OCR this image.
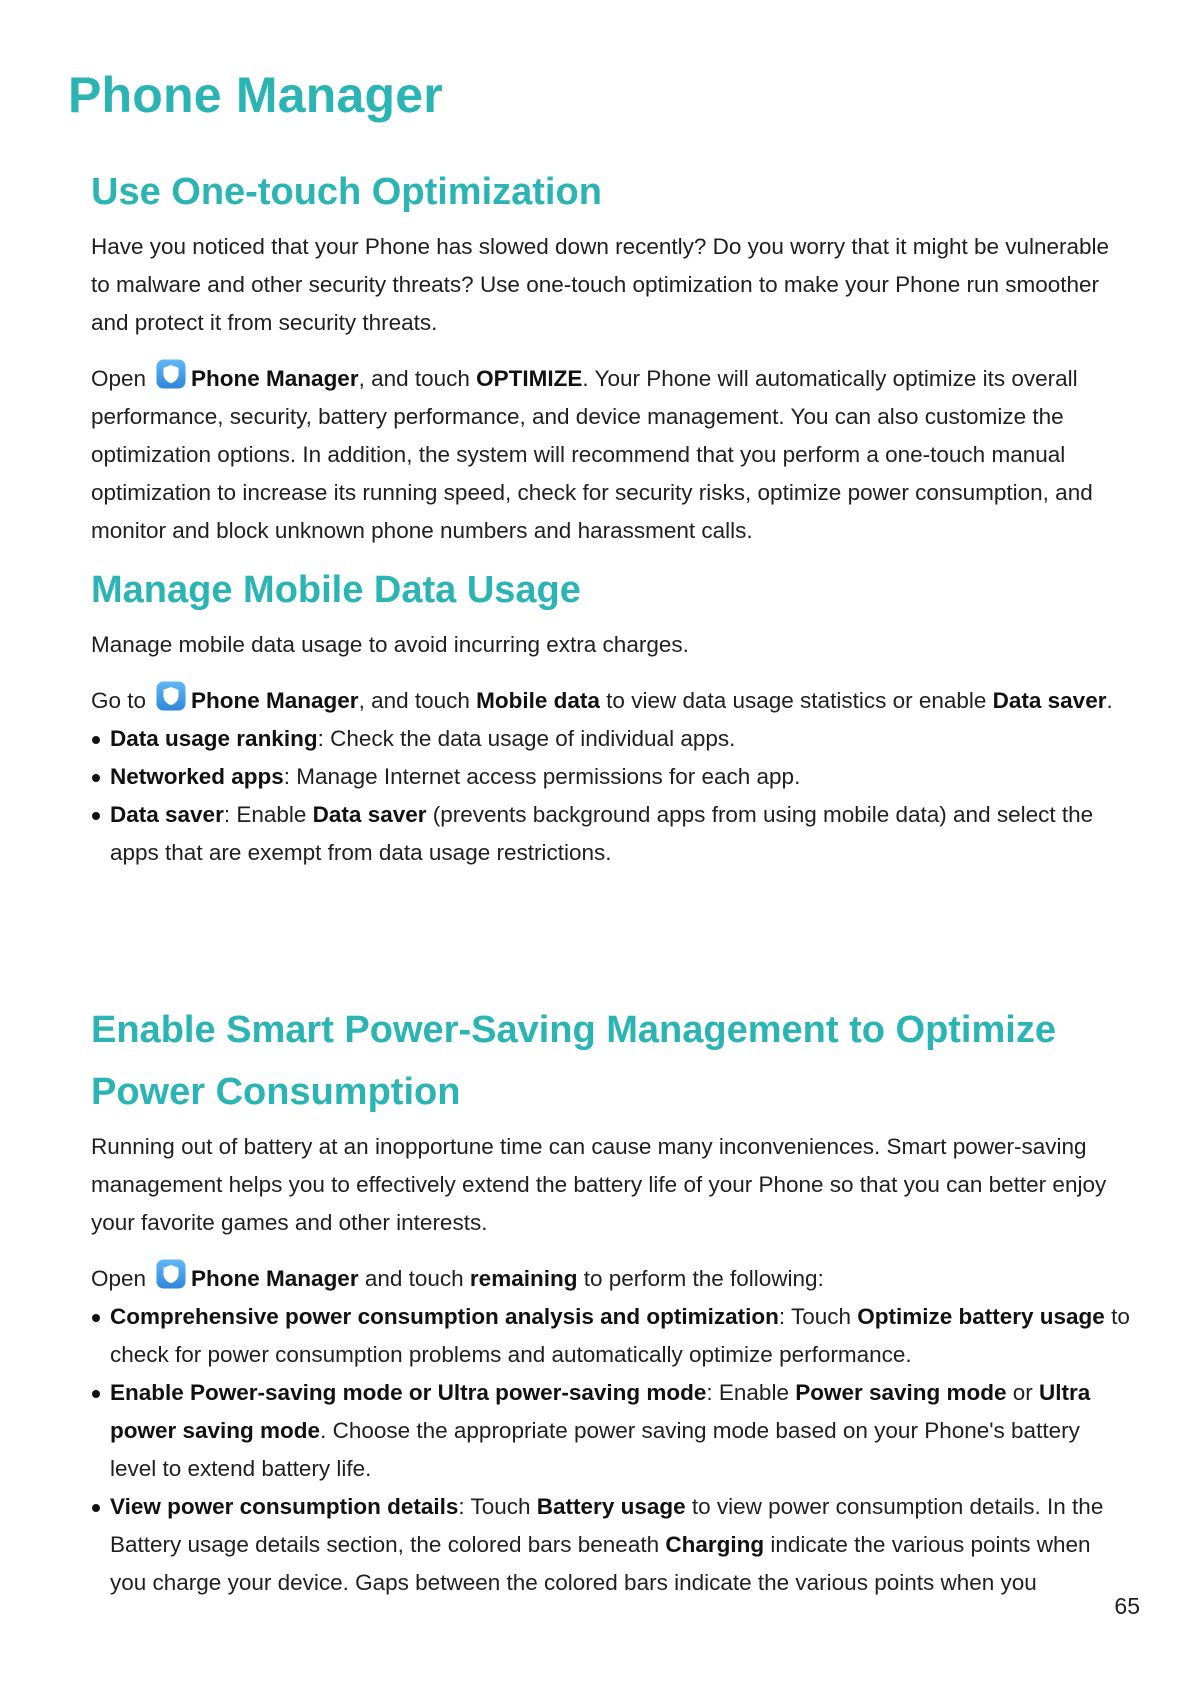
Phone Manager
Use One-touch Optimization

Have you noticed that your Phone has slowed down recently? Do you worry that it might be vulnerable to malware and other security threats? Use one-touch optimization to make your Phone run smoother and protect it from security threats.

Open Phone Manager, and touch OPTIMIZE. Your Phone will automatically optimize its overall performance, security, battery performance, and device management. You can also customize the optimization options. In addition, the system will recommend that you perform a one-touch manual optimization to increase its running speed, check for security risks, optimize power consumption, and monitor and block unknown phone numbers and harassment calls.

Manage Mobile Data Usage

Manage mobile data usage to avoid incurring extra charges.

Go to Phone Manager, and touch Mobile data to view data usage statistics or enable Data saver.

Data usage ranking: Check the data usage of individual apps.
Networked apps: Manage Internet access permissions for each app.
Data saver: Enable Data saver (prevents background apps from using mobile data) and select the apps that are exempt from data usage restrictions.
Enable Smart Power-Saving Management to Optimize Power Consumption

Running out of battery at an inopportune time can cause many inconveniences. Smart power-saving management helps you to effectively extend the battery life of your Phone so that you can better enjoy your favorite games and other interests.

Open Phone Manager and touch remaining to perform the following:

Comprehensive power consumption analysis and optimization: Touch Optimize battery usage to check for power consumption problems and automatically optimize performance.
Enable Power-saving mode or Ultra power-saving mode: Enable Power saving mode or Ultra power saving mode. Choose the appropriate power saving mode based on your Phone's battery level to extend battery life.
View power consumption details: Touch Battery usage to view power consumption details. In the Battery usage details section, the colored bars beneath Charging indicate the various points when you charge your device. Gaps between the colored bars indicate the various points when you
65
